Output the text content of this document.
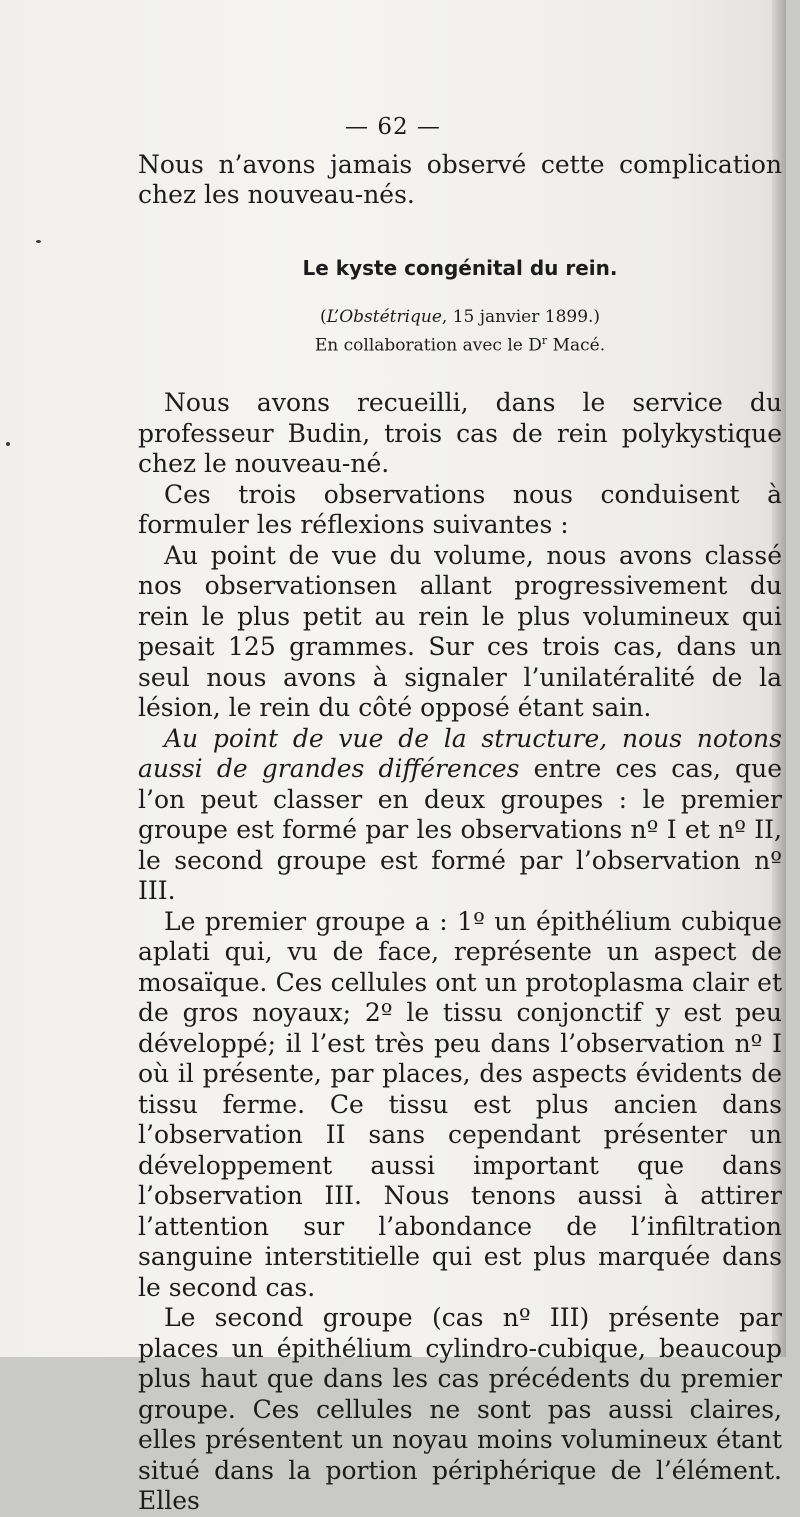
— 62 —
Nous n’avons jamais observé cette complication chez les nouveau-nés.
Le kyste congénital du rein.
(L’Obstétrique, 15 janvier 1899.)
En collaboration avec le $D^r$ Macé.

Nous avons recueilli, dans le service du professeur Budin, trois cas de rein polykystique chez le nouveau-né.

Ces trois observations nous conduisent à formuler les réflexions suivantes :

Au point de vue du volume, nous avons classé nos observationsen allant progressivement du rein le plus petit au rein le plus volumineux qui pesait 125 grammes. Sur ces trois cas, dans un seul nous avons à signaler l’unilatéralité de la lésion, le rein du côté opposé étant sain.

Au point de vue de la structure, nous notons aussi de grandes différences entre ces cas, que l’on peut classer en deux groupes : le premier groupe est formé par les observations nº I et nº II, le second groupe est formé par l’observation nº III.

Le premier groupe a : 1º un épithélium cubique aplati qui, vu de face, représente un aspect de mosaïque. Ces cellules ont un protoplasma clair et de gros noyaux; 2º le tissu conjonctif y est peu développé; il l’est très peu dans l’observation nº I où il présente, par places, des aspects évidents de tissu ferme. Ce tissu est plus ancien dans l’observation II sans cependant présenter un développement aussi important que dans l’observation III. Nous tenons aussi à attirer l’attention sur l’abondance de l’infiltration sanguine interstitielle qui est plus marquée dans le second cas.

Le second groupe (cas nº III) présente par places un épithélium cylindro-cubique, beaucoup plus haut que dans les cas précédents du premier groupe. Ces cellules ne sont pas aussi claires, elles présentent un noyau moins volumineux étant situé dans la portion périphérique de l’élément. Elles
